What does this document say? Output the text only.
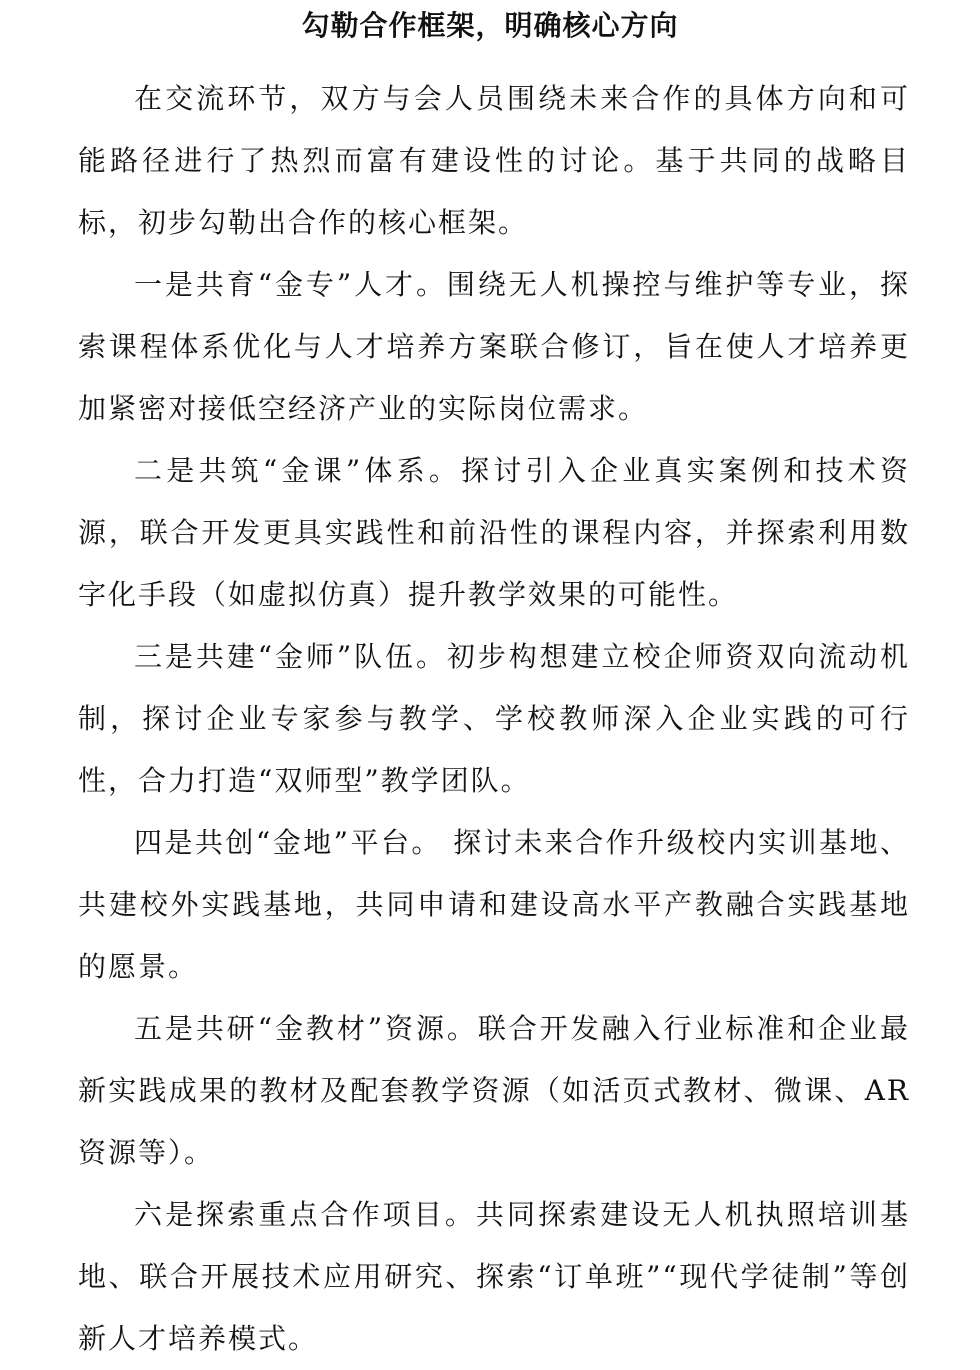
勾勒合作框架，明确核心方向

在交流环节，双方与会人员围绕未来合作的具体方向和可能路径进行了热烈而富有建设性的讨论。基于共同的战略目标，初步勾勒出合作的核心框架。

一是共育“金专”人才。围绕无人机操控与维护等专业，探索课程体系优化与人才培养方案联合修订，旨在使人才培养更加紧密对接低空经济产业的实际岗位需求。

二是共筑“金课”体系。探讨引入企业真实案例和技术资源，联合开发更具实践性和前沿性的课程内容，并探索利用数字化手段（如虚拟仿真）提升教学效果的可能性。

三是共建“金师”队伍。初步构想建立校企师资双向流动机制，探讨企业专家参与教学、学校教师深入企业实践的可行性，合力打造“双师型”教学团队。

四是共创“金地”平台。 探讨未来合作升级校内实训基地、共建校外实践基地，共同申请和建设高水平产教融合实践基地的愿景。

五是共研“金教材”资源。联合开发融入行业标准和企业最新实践成果的教材及配套教学资源（如活页式教材、微课、AR资源等）。

六是探索重点合作项目。共同探索建设无人机执照培训基地、联合开展技术应用研究、探索“订单班”“现代学徒制”等创新人才培养模式。
